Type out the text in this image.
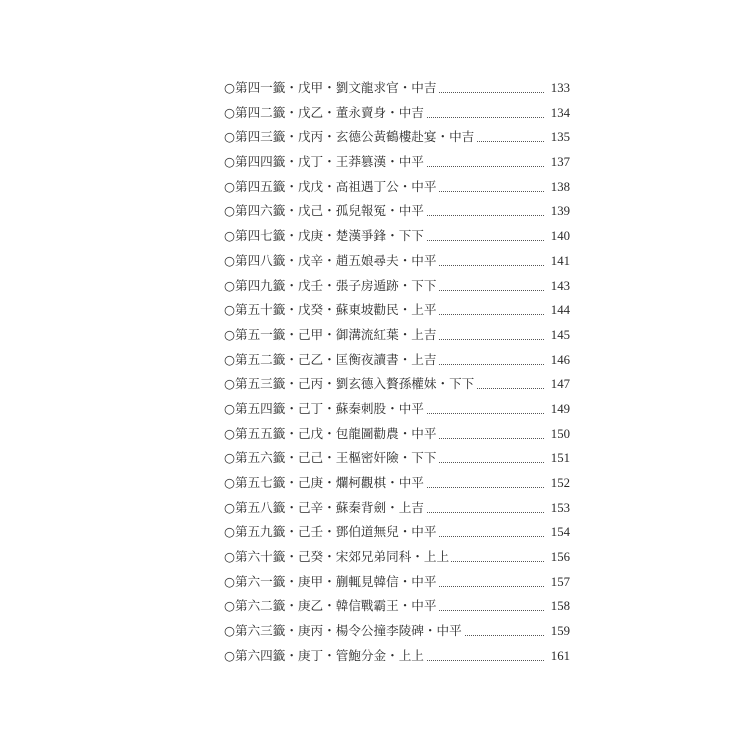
○第四一籤・戊甲・劉文龍求官・中吉	133
○第四二籤・戊乙・董永賣身・中吉	134
○第四三籤・戊丙・玄德公黃鶴樓赴宴・中吉	135
○第四四籤・戊丁・王莽篡漢・中平	137
○第四五籤・戊戊・高祖遇丁公・中平	138
○第四六籤・戊己・孤兒報冤・中平	139
○第四七籤・戊庚・楚漢爭鋒・下下	140
○第四八籤・戊辛・趙五娘尋夫・中平	141
○第四九籤・戊壬・張子房遁跡・下下	143
○第五十籤・戊癸・蘇東坡勸民・上平	144
○第五一籤・己甲・御溝流紅葉・上吉	145
○第五二籤・己乙・匡衡夜讀書・上吉	146
○第五三籤・己丙・劉玄德入贅孫權妹・下下	147
○第五四籤・己丁・蘇秦刺股・中平	149
○第五五籤・己戊・包龍圖勸農・中平	150
○第五六籤・己己・王樞密奸險・下下	151
○第五七籤・己庚・爛柯觀棋・中平	152
○第五八籤・己辛・蘇秦背劍・上吉	153
○第五九籤・己壬・鄧伯道無兒・中平	154
○第六十籤・己癸・宋郊兄弟同科・上上	156
○第六一籤・庚甲・蒯輒見韓信・中平	157
○第六二籤・庚乙・韓信戰霸王・中平	158
○第六三籤・庚丙・楊令公撞李陵碑・中平	159
○第六四籤・庚丁・管鮑分金・上上	161
